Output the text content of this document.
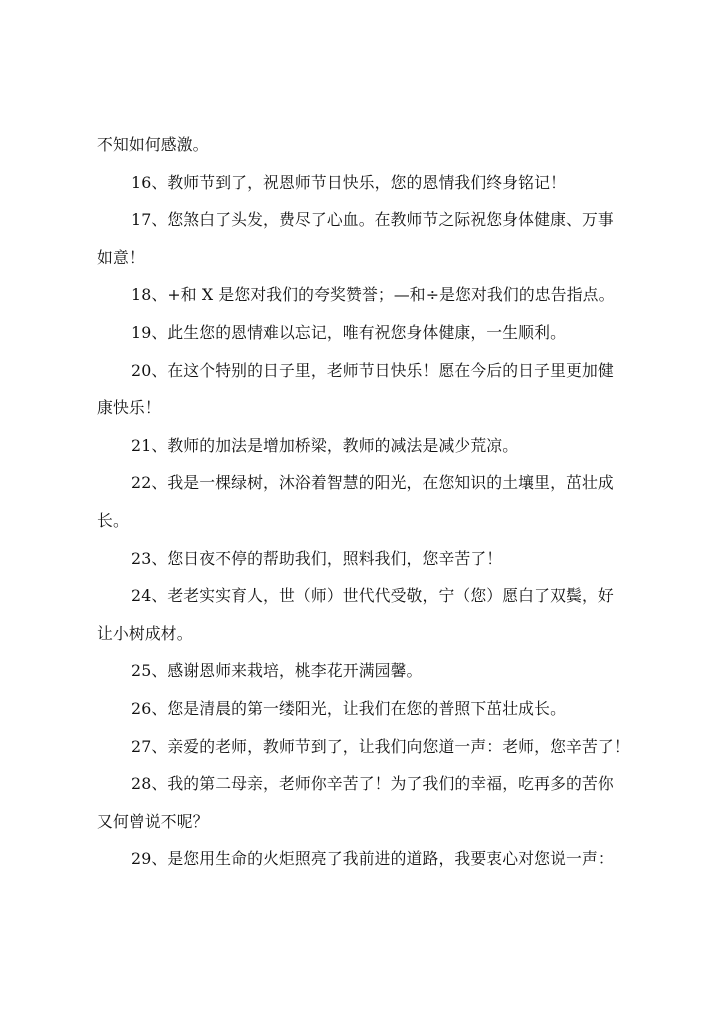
不知如何感激。
16、教师节到了，祝恩师节日快乐，您的恩情我们终身铭记！
17、您煞白了头发，费尽了心血。在教师节之际祝您身体健康、万事
如意！
18、+和 X 是您对我们的夸奖赞誉；—和÷是您对我们的忠告指点。
19、此生您的恩情难以忘记，唯有祝您身体健康，一生顺利。
20、在这个特别的日子里，老师节日快乐！愿在今后的日子里更加健
康快乐！
21、教师的加法是增加桥梁，教师的减法是减少荒凉。
22、我是一棵绿树，沐浴着智慧的阳光，在您知识的土壤里，茁壮成
长。
23、您日夜不停的帮助我们，照料我们，您辛苦了！
24、老老实实育人，世（师）世代代受敬，宁（您）愿白了双鬓，好
让小树成材。
25、感谢恩师来栽培，桃李花开满园馨。
26、您是清晨的第一缕阳光，让我们在您的普照下茁壮成长。
27、亲爱的老师，教师节到了，让我们向您道一声：老师，您辛苦了！
28、我的第二母亲，老师你辛苦了！为了我们的幸福，吃再多的苦你
又何曾说不呢？
29、是您用生命的火炬照亮了我前进的道路，我要衷心对您说一声：
